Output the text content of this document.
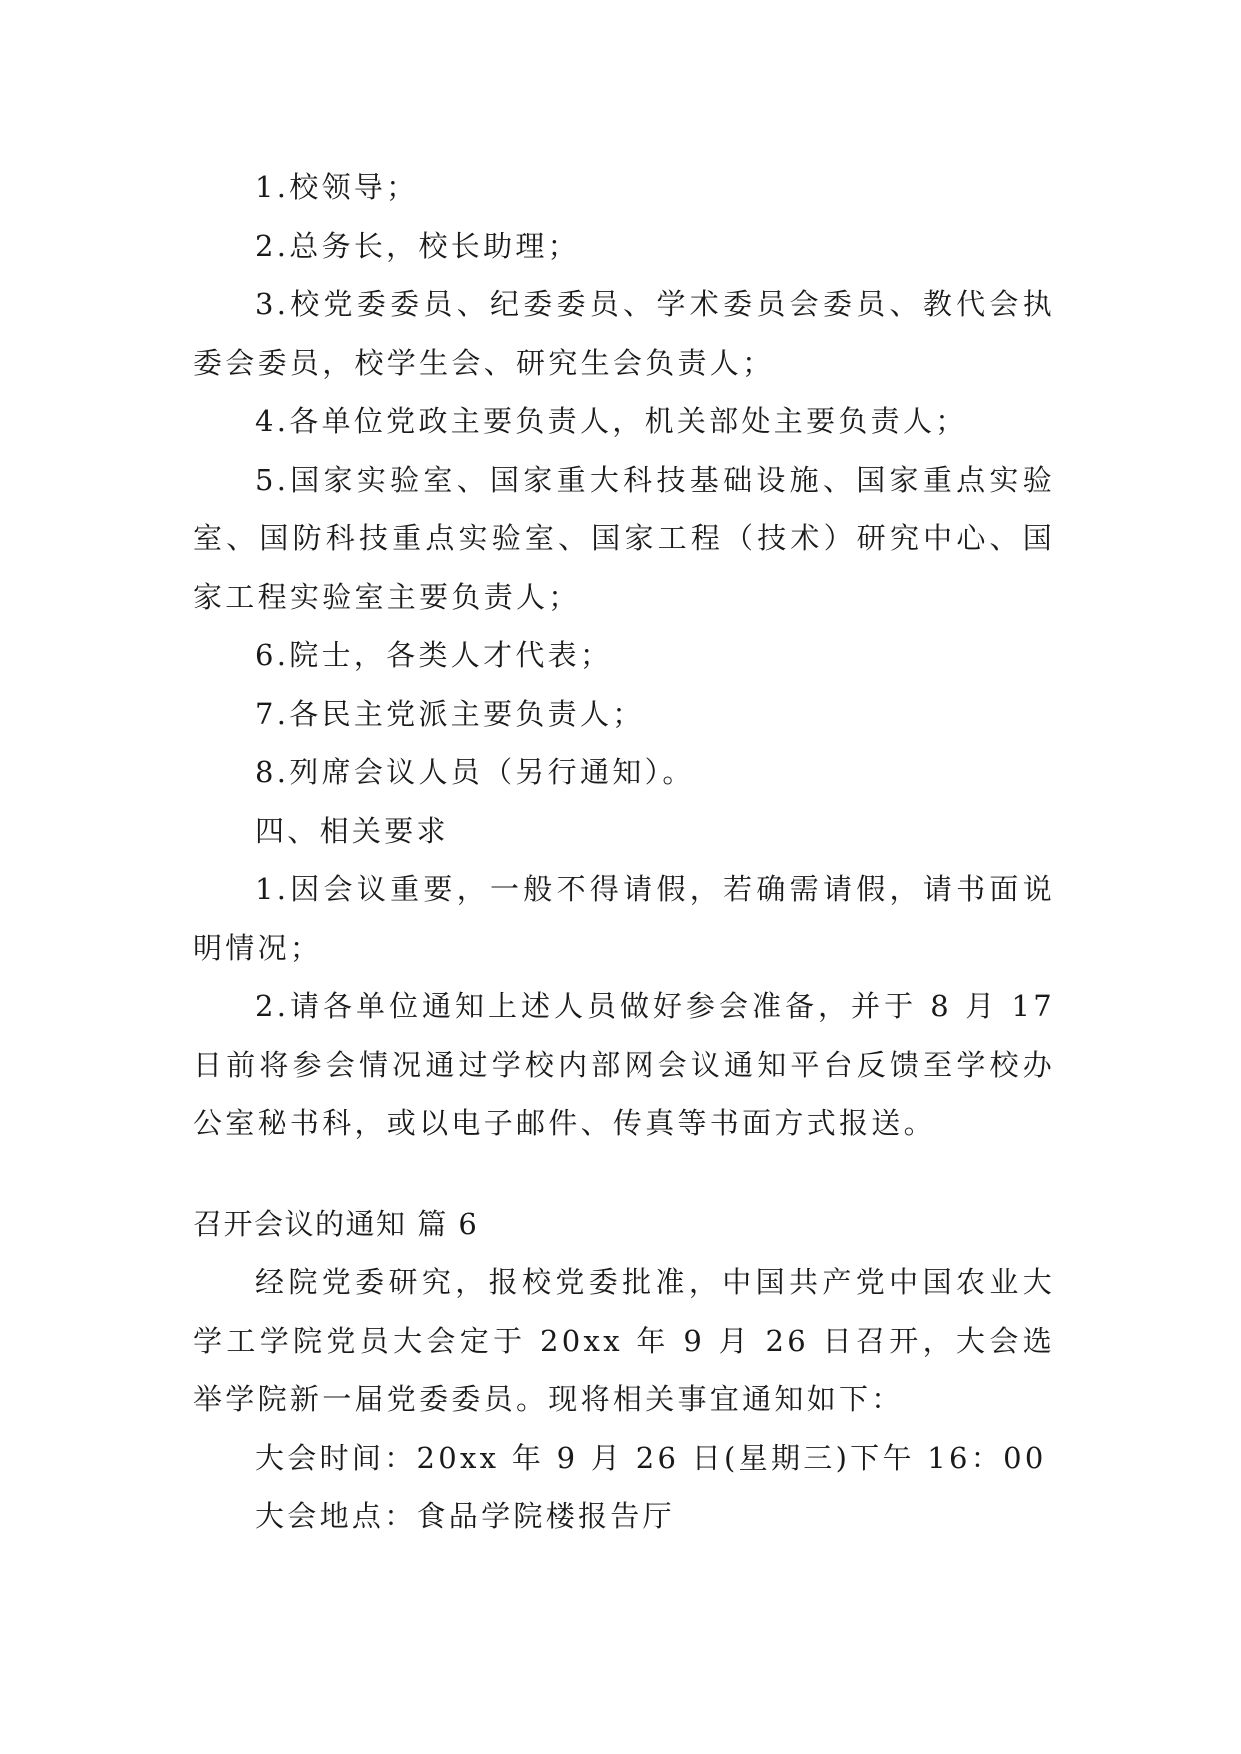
1.校领导；

2.总务长，校长助理；

3.校党委委员、纪委委员、学术委员会委员、教代会执委会委员，校学生会、研究生会负责人；

4.各单位党政主要负责人，机关部处主要负责人；

5.国家实验室、国家重大科技基础设施、国家重点实验室、国防科技重点实验室、国家工程（技术）研究中心、国家工程实验室主要负责人；

6.院士，各类人才代表；

7.各民主党派主要负责人；

8.列席会议人员（另行通知）。

四、相关要求

1.因会议重要，一般不得请假，若确需请假，请书面说明情况；

2.请各单位通知上述人员做好参会准备，并于 8 月 17 日前将参会情况通过学校内部网会议通知平台反馈至学校办公室秘书科，或以电子邮件、传真等书面方式报送。

召开会议的通知 篇 6

经院党委研究，报校党委批准，中国共产党中国农业大学工学院党员大会定于 20xx 年 9 月 26 日召开，大会选举学院新一届党委委员。现将相关事宜通知如下：

大会时间：20xx 年 9 月 26 日(星期三)下午 16：00

大会地点：食品学院楼报告厅
